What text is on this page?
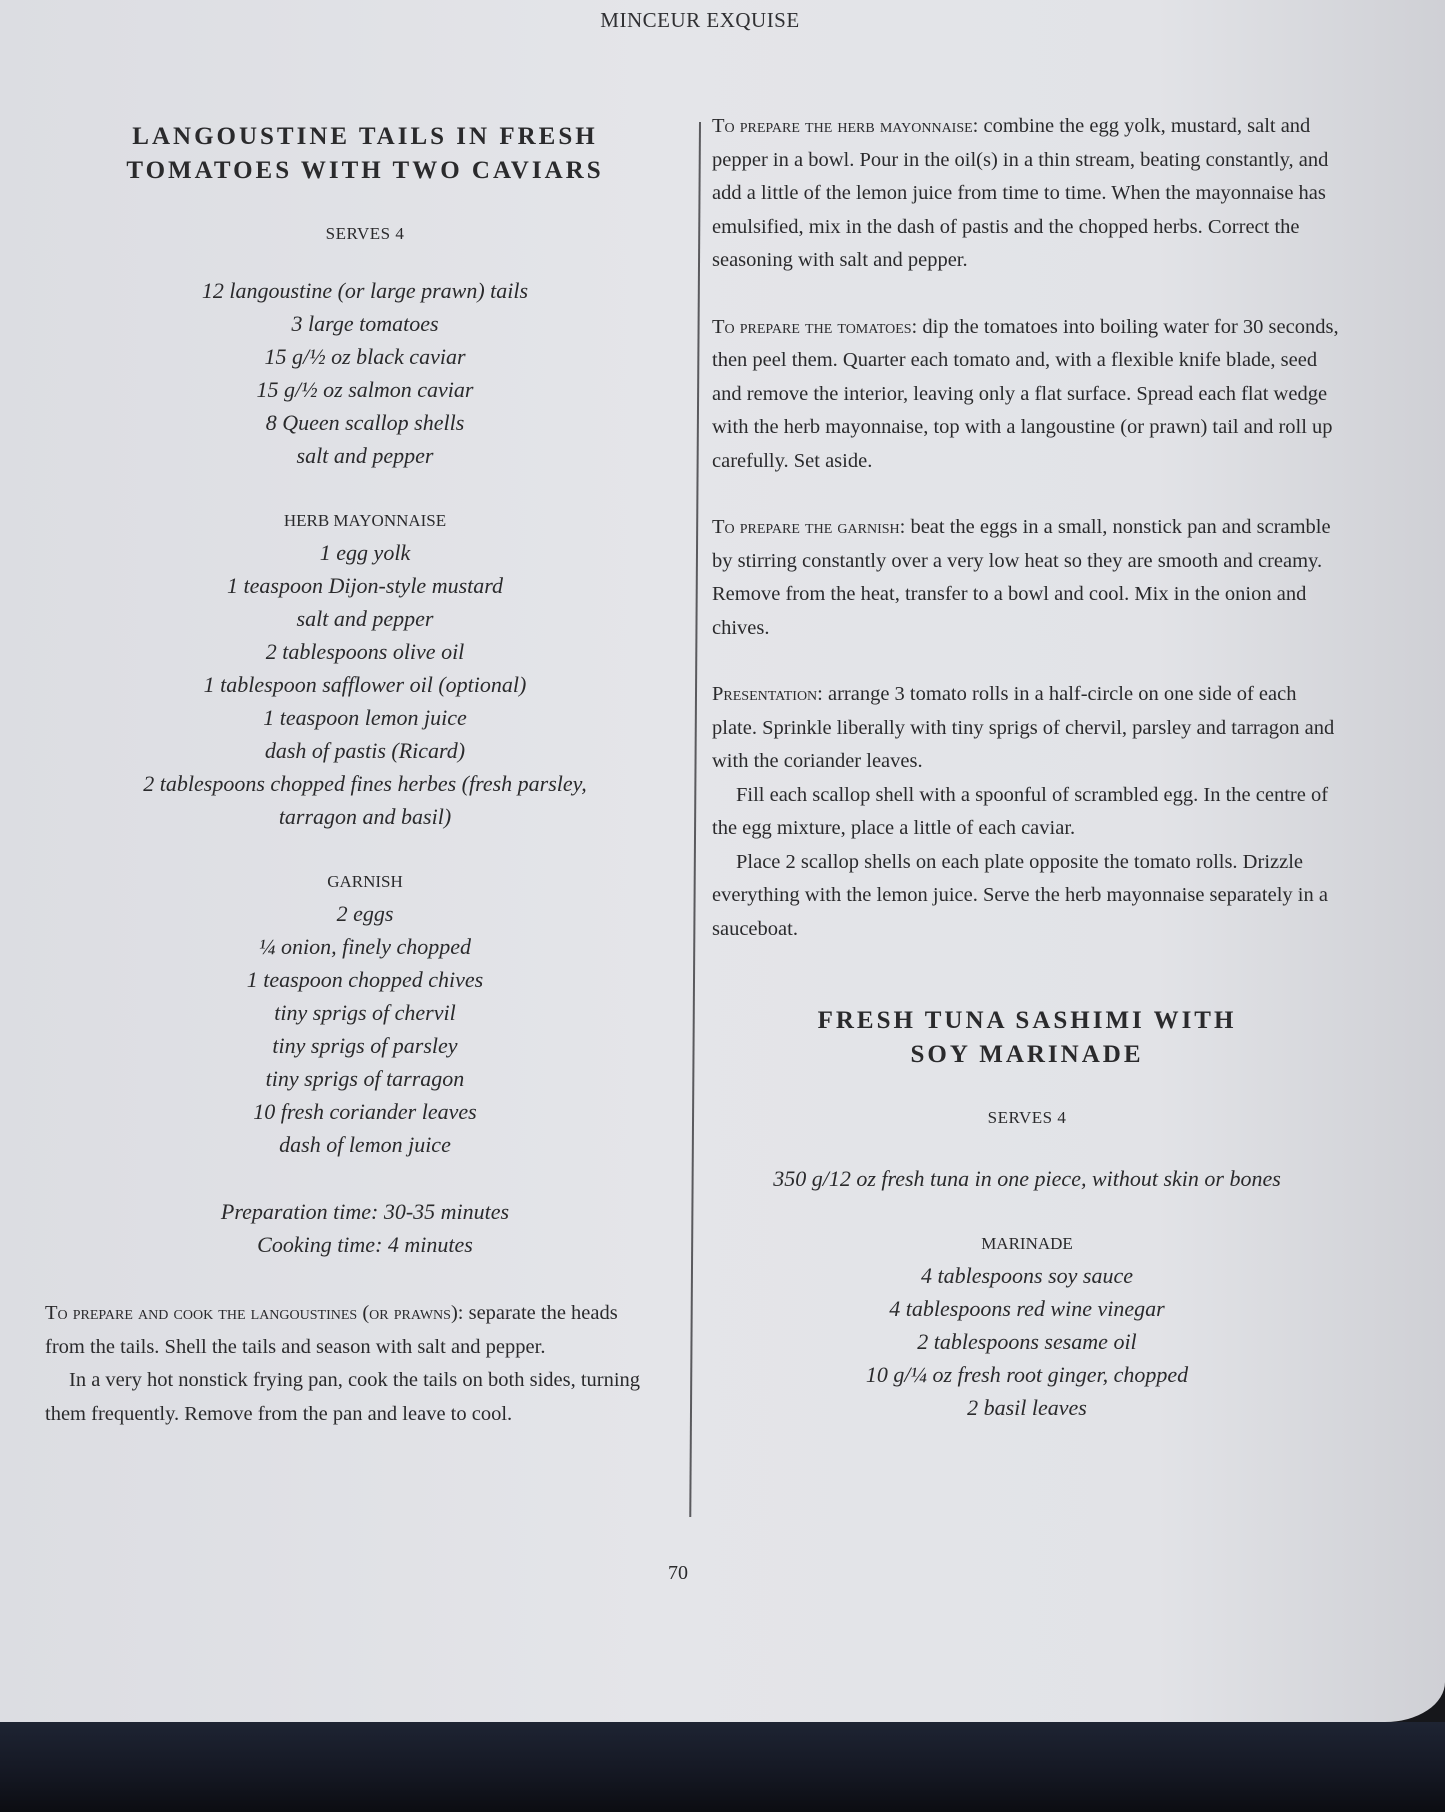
MINCEUR EXQUISE
LANGOUSTINE TAILS IN FRESH
TOMATOES WITH TWO CAVIARS
SERVES 4
12 langoustine (or large prawn) tails
3 large tomatoes
15 g/½ oz black caviar
15 g/½ oz salmon caviar
8 Queen scallop shells
salt and pepper
HERB MAYONNAISE
1 egg yolk
1 teaspoon Dijon-style mustard
salt and pepper
2 tablespoons olive oil
1 tablespoon safflower oil (optional)
1 teaspoon lemon juice
dash of pastis (Ricard)
2 tablespoons chopped fines herbes (fresh parsley,
tarragon and basil)
GARNISH
2 eggs
¼ onion, finely chopped
1 teaspoon chopped chives
tiny sprigs of chervil
tiny sprigs of parsley
tiny sprigs of tarragon
10 fresh coriander leaves
dash of lemon juice
Preparation time: 30-35 minutes
Cooking time: 4 minutes

To prepare and cook the langoustines (or prawns): separate the heads from the tails. Shell the tails and season with salt and pepper.

In a very hot nonstick frying pan, cook the tails on both sides, turning them frequently. Remove from the pan and leave to cool.

To prepare the herb mayonnaise: combine the egg yolk, mustard, salt and pepper in a bowl. Pour in the oil(s) in a thin stream, beating constantly, and add a little of the lemon juice from time to time. When the mayonnaise has emulsified, mix in the dash of pastis and the chopped herbs. Correct the seasoning with salt and pepper.

To prepare the tomatoes: dip the tomatoes into boiling water for 30 seconds, then peel them. Quarter each tomato and, with a flexible knife blade, seed and remove the interior, leaving only a flat surface. Spread each flat wedge with the herb mayonnaise, top with a langoustine (or prawn) tail and roll up carefully. Set aside.

To prepare the garnish: beat the eggs in a small, nonstick pan and scramble by stirring constantly over a very low heat so they are smooth and creamy. Remove from the heat, transfer to a bowl and cool. Mix in the onion and chives.

Presentation: arrange 3 tomato rolls in a half-circle on one side of each plate. Sprinkle liberally with tiny sprigs of chervil, parsley and tarragon and with the coriander leaves.

Fill each scallop shell with a spoonful of scrambled egg. In the centre of the egg mixture, place a little of each caviar.

Place 2 scallop shells on each plate opposite the tomato rolls. Drizzle everything with the lemon juice. Serve the herb mayonnaise separately in a sauceboat.

FRESH TUNA SASHIMI WITH
SOY MARINADE
SERVES 4
350 g/12 oz fresh tuna in one piece, without skin or bones
MARINADE
4 tablespoons soy sauce
4 tablespoons red wine vinegar
2 tablespoons sesame oil
10 g/¼ oz fresh root ginger, chopped
2 basil leaves
70
